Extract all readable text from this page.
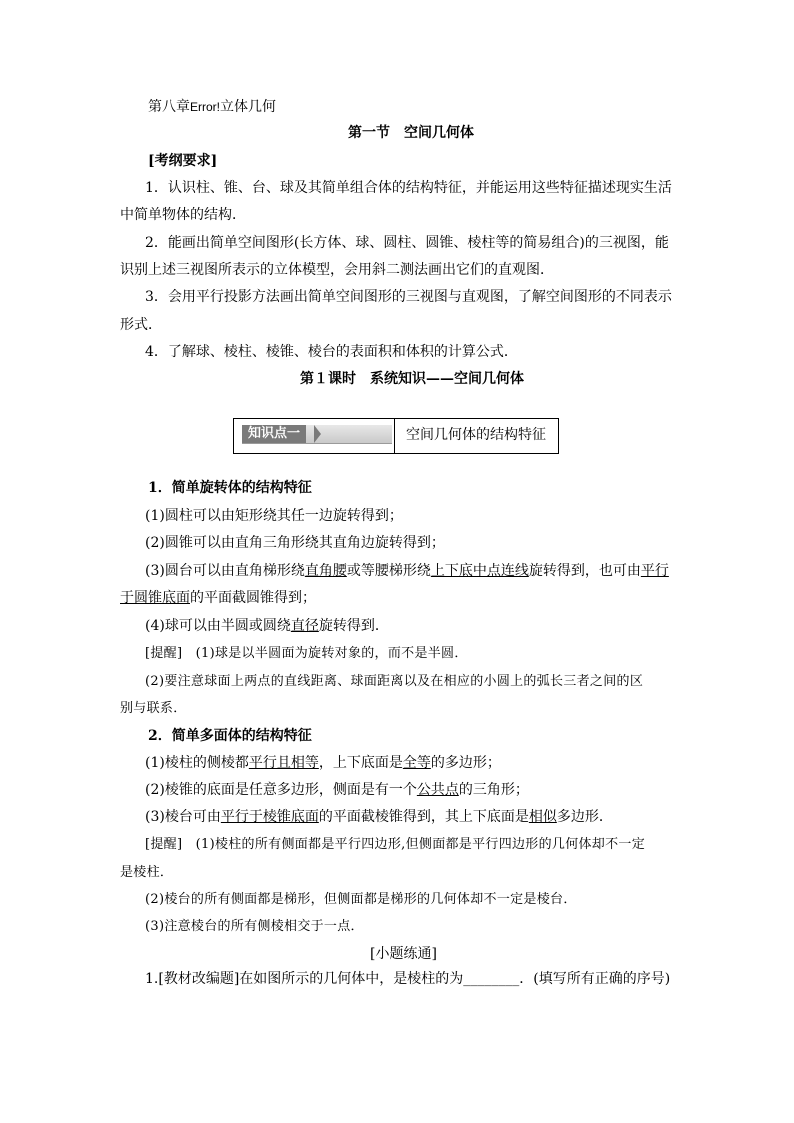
第八章Error!立体几何
第一节　空间几何体
[考纲要求]
1．认识柱、锥、台、球及其简单组合体的结构特征，并能运用这些特征描述现实生活
中简单物体的结构．
2．能画出简单空间图形(长方体、球、圆柱、圆锥、棱柱等的简易组合)的三视图，能
识别上述三视图所表示的立体模型，会用斜二测法画出它们的直观图．
3．会用平行投影方法画出简单空间图形的三视图与直观图，了解空间图形的不同表示
形式．
4．了解球、棱柱、棱锥、棱台的表面积和体积的计算公式．
第１课时　系统知识——空间几何体
知识点一	空间几何体的结构特征
1．简单旋转体的结构特征
(1)圆柱可以由矩形绕其任一边旋转得到；
(2)圆锥可以由直角三角形绕其直角边旋转得到；
(3)圆台可以由直角梯形绕直角腰或等腰梯形绕上下底中点连线旋转得到，也可由平行
于圆锥底面的平面截圆锥得到；
(4)球可以由半圆或圆绕直径旋转得到．
[提醒]　(1)球是以半圆面为旋转对象的，而不是半圆．
(2)要注意球面上两点的直线距离、球面距离以及在相应的小圆上的弧长三者之间的区
别与联系．
2．简单多面体的结构特征
(1)棱柱的侧棱都平行且相等，上下底面是全等的多边形；
(2)棱锥的底面是任意多边形，侧面是有一个公共点的三角形；
(3)棱台可由平行于棱锥底面的平面截棱锥得到，其上下底面是相似多边形．
[提醒]　(1)棱柱的所有侧面都是平行四边形,但侧面都是平行四边形的几何体却不一定
是棱柱．
(2)棱台的所有侧面都是梯形，但侧面都是梯形的几何体却不一定是棱台．
(3)注意棱台的所有侧棱相交于一点．
[小题练通]
1.[教材改编题]在如图所示的几何体中，是棱柱的为________．(填写所有正确的序号)
